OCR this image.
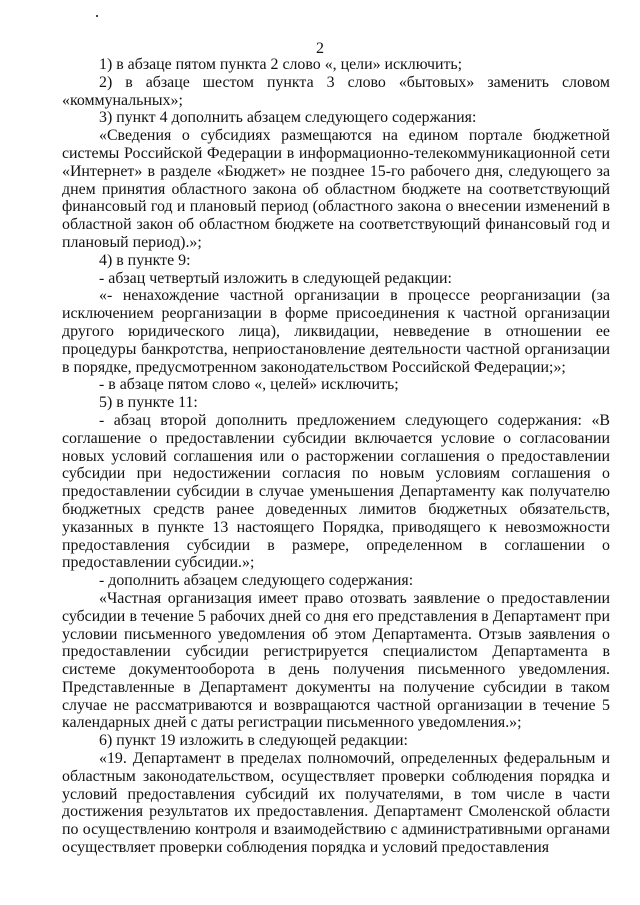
2

1) в абзаце пятом пункта 2 слово «, цели» исключить;

2) в абзаце шестом пункта 3 слово «бытовых» заменить словом «коммунальных»;

3) пункт 4 дополнить абзацем следующего содержания:

«Сведения о субсидиях размещаются на едином портале бюджетной системы Российской Федерации в информационно-телекоммуникационной сети «Интернет» в разделе «Бюджет» не позднее 15-го рабочего дня, следующего за днем принятия областного закона об областном бюджете на соответствующий финансовый год и плановый период (областного закона о внесении изменений в областной закон об областном бюджете на соответствующий финансовый год и плановый период).»;

4) в пункте 9:

- абзац четвертый изложить в следующей редакции:

«- ненахождение частной организации в процессе реорганизации (за исключением реорганизации в форме присоединения к частной организации другого юридического лица), ликвидации, невведение в отношении ее процедуры банкротства, неприостановление деятельности частной организации в порядке, предусмотренном законодательством Российской Федерации;»;

- в абзаце пятом слово «, целей» исключить;

5) в пункте 11:

- абзац второй дополнить предложением следующего содержания: «В соглашение о предоставлении субсидии включается условие о согласовании новых условий соглашения или о расторжении соглашения о предоставлении субсидии при недостижении согласия по новым условиям соглашения о предоставлении субсидии в случае уменьшения Департаменту как получателю бюджетных средств ранее доведенных лимитов бюджетных обязательств, указанных в пункте 13 настоящего Порядка, приводящего к невозможности предоставления субсидии в размере, определенном в соглашении о предоставлении субсидии.»;

- дополнить абзацем следующего содержания:

«Частная организация имеет право отозвать заявление о предоставлении субсидии в течение 5 рабочих дней со дня его представления в Департамент при условии письменного уведомления об этом Департамента. Отзыв заявления о предоставлении субсидии регистрируется специалистом Департамента в системе документооборота в день получения письменного уведомления. Представленные в Департамент документы на получение субсидии в таком случае не рассматриваются и возвращаются частной организации в течение 5 календарных дней с даты регистрации письменного уведомления.»;

6) пункт 19 изложить в следующей редакции:

«19. Департамент в пределах полномочий, определенных федеральным и областным законодательством, осуществляет проверки соблюдения порядка и условий предоставления субсидий их получателями, в том числе в части достижения результатов их предоставления. Департамент Смоленской области по осуществлению контроля и взаимодействию с административными органами осуществляет проверки соблюдения порядка и условий предоставления
